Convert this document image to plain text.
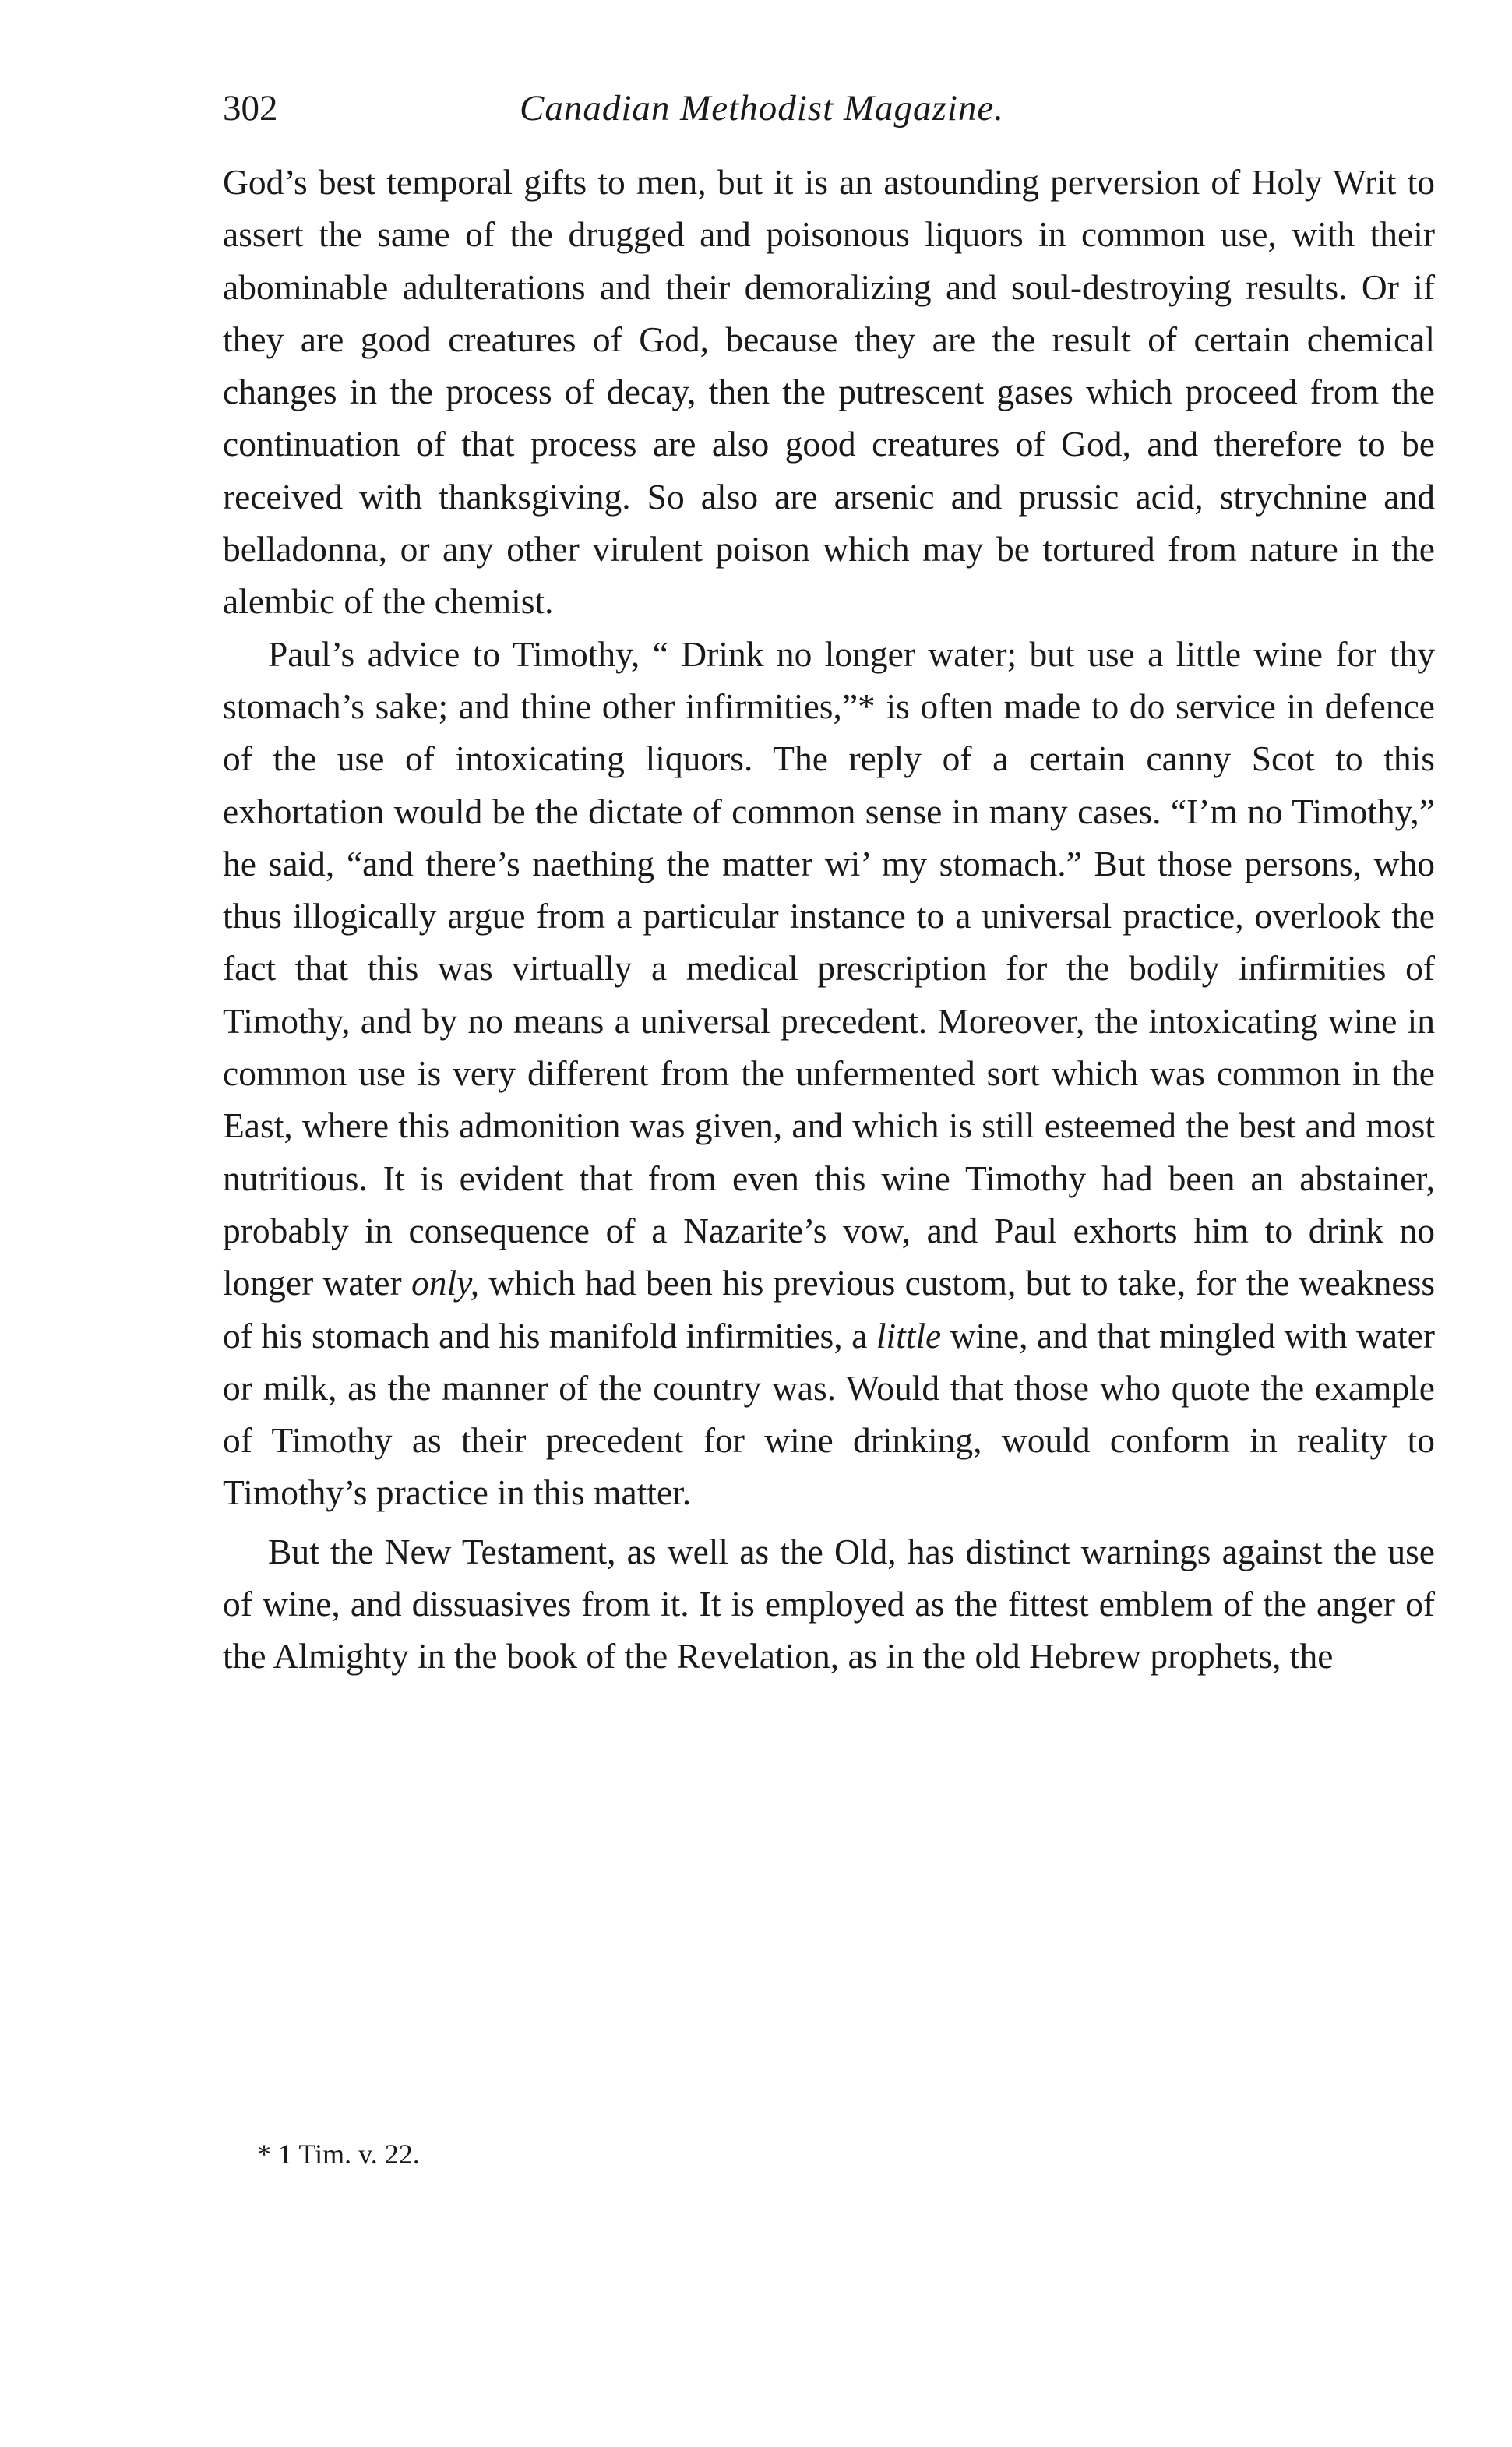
302	Canadian Methodist Magazine.

God’s best temporal gifts to men, but it is an astounding perversion of Holy Writ to assert the same of the drugged and poisonous liquors in common use, with their abominable adulterations and their demoralizing and soul-destroying results. Or if they are good creatures of God, because they are the result of certain chemical changes in the process of decay, then the putrescent gases which proceed from the continuation of that process are also good creatures of God, and therefore to be received with thanksgiving. So also are arsenic and prussic acid, strychnine and belladonna, or any other virulent poison which may be tortured from nature in the alembic of the chemist.

Paul’s advice to Timothy, “ Drink no longer water; but use a little wine for thy stomach’s sake; and thine other infirmities,”* is often made to do service in defence of the use of intoxicating liquors. The reply of a certain canny Scot to this exhortation would be the dictate of common sense in many cases. “I’m no Timothy,” he said, “and there’s naething the matter wi’ my stomach.” But those persons, who thus illogically argue from a particular instance to a universal practice, overlook the fact that this was virtually a medical prescription for the bodily infirmities of Timothy, and by no means a universal precedent. Moreover, the intoxicating wine in common use is very different from the unfermented sort which was common in the East, where this admonition was given, and which is still esteemed the best and most nutritious. It is evident that from even this wine Timothy had been an abstainer, probably in consequence of a Nazarite’s vow, and Paul exhorts him to drink no longer water only, which had been his previous custom, but to take, for the weakness of his stomach and his manifold infirmities, a little wine, and that mingled with water or milk, as the manner of the country was. Would that those who quote the example of Timothy as their precedent for wine drinking, would conform in reality to Timothy’s practice in this matter.

But the New Testament, as well as the Old, has distinct warnings against the use of wine, and dissuasives from it. It is employed as the fittest emblem of the anger of the Almighty in the book of the Revelation, as in the old Hebrew prophets, the

* 1 Tim. v. 22.
